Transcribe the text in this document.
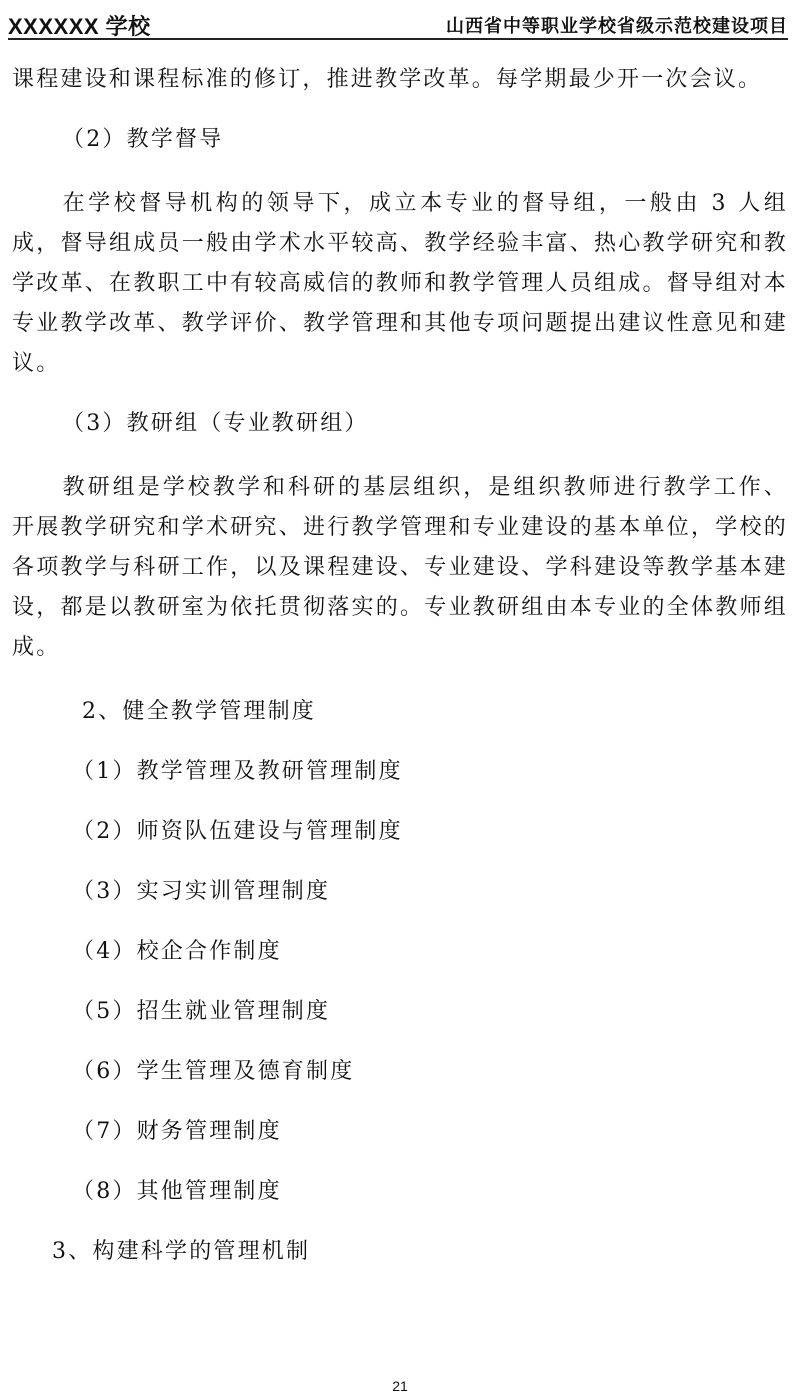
XXXXXX 学校	山西省中等职业学校省级示范校建设项目

课程建设和课程标准的修订，推进教学改革。每学期最少开一次会议。

（2）教学督导

在学校督导机构的领导下，成立本专业的督导组，一般由 3 人组成，督导组成员一般由学术水平较高、教学经验丰富、热心教学研究和教学改革、在教职工中有较高威信的教师和教学管理人员组成。督导组对本专业教学改革、教学评价、教学管理和其他专项问题提出建议性意见和建议。

（3）教研组（专业教研组）

教研组是学校教学和科研的基层组织，是组织教师进行教学工作、开展教学研究和学术研究、进行教学管理和专业建设的基本单位，学校的各项教学与科研工作，以及课程建设、专业建设、学科建设等教学基本建设，都是以教研室为依托贯彻落实的。专业教研组由本专业的全体教师组成。

2、健全教学管理制度

（1）教学管理及教研管理制度

（2）师资队伍建设与管理制度

（3）实习实训管理制度

（4）校企合作制度

（5）招生就业管理制度

（6）学生管理及德育制度

（7）财务管理制度

（8）其他管理制度

3、构建科学的管理机制

21
